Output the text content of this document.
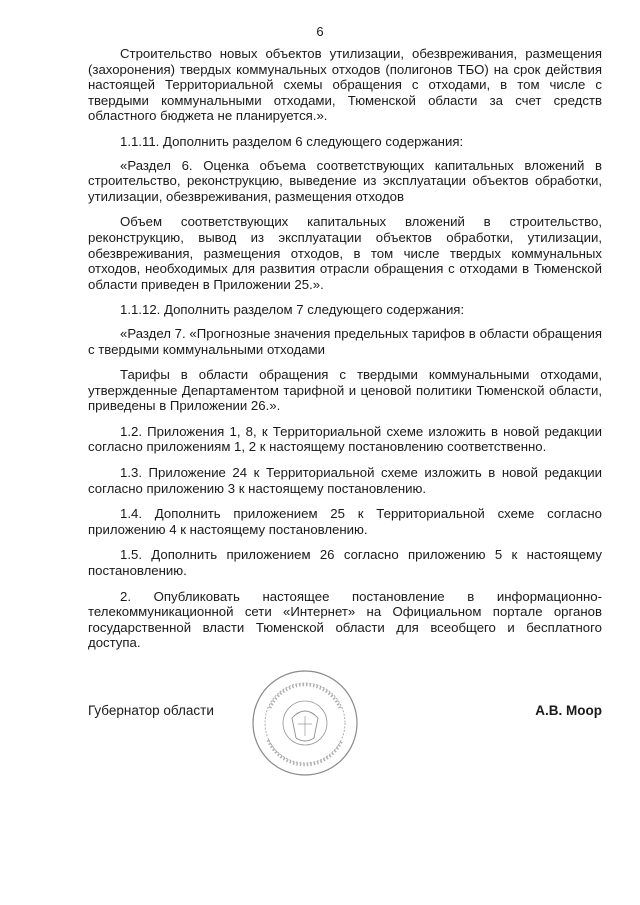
6

Строительство новых объектов утилизации, обезвреживания, размещения (захоронения) твердых коммунальных отходов (полигонов ТБО) на срок действия настоящей Территориальной схемы обращения с отходами, в том числе с твердыми коммунальными отходами, Тюменской области за счет средств областного бюджета не планируется.».

1.1.11. Дополнить разделом 6 следующего содержания:

«Раздел 6. Оценка объема соответствующих капитальных вложений в строительство, реконструкцию, выведение из эксплуатации объектов обработки, утилизации, обезвреживания, размещения отходов

Объем соответствующих капитальных вложений в строительство, реконструкцию, вывод из эксплуатации объектов обработки, утилизации, обезвреживания, размещения отходов, в том числе твердых коммунальных отходов, необходимых для развития отрасли обращения с отходами в Тюменской области приведен в Приложении 25.».

1.1.12. Дополнить разделом 7 следующего содержания:

«Раздел 7. «Прогнозные значения предельных тарифов в области обращения с твердыми коммунальными отходами

Тарифы в области обращения с твердыми коммунальными отходами, утвержденные Департаментом тарифной и ценовой политики Тюменской области, приведены в Приложении 26.».

1.2. Приложения 1, 8, к Территориальной схеме изложить в новой редакции согласно приложениям 1, 2 к настоящему постановлению соответственно.

1.3. Приложение 24 к Территориальной схеме изложить в новой редакции согласно приложению 3 к настоящему постановлению.

1.4. Дополнить приложением 25 к Территориальной схеме согласно приложению 4 к настоящему постановлению.

1.5. Дополнить приложением 26 согласно приложению 5 к настоящему постановлению.

2. Опубликовать настоящее постановление в информационно-телекоммуникационной сети «Интернет» на Официальном портале органов государственной власти Тюменской области для всеобщего и бесплатного доступа.

Губернатор области	А.В. Моор
